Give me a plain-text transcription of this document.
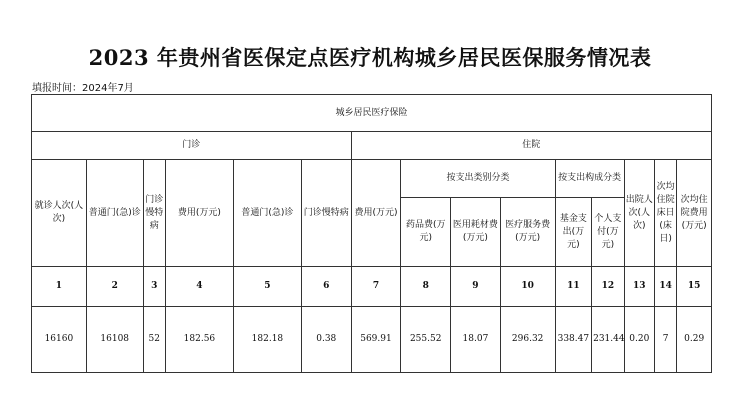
2023 年贵州省医保定点医疗机构城乡居民医保服务情况表
填报时间：2024年7月
城乡居民医疗保险														
门诊						住院								
就诊人次(人次)	普通门(急)诊	门诊慢特病	费用(万元)	普通门(急)诊	门诊慢特病	费用(万元)	按支出类别分类			按支出构成分类		出院人次(人次)	次均住院床日(床日)	次均住院费用(万元)
							药品费(万元)	医用耗材费(万元)	医疗服务费(万元)	基金支出(万元)	个人支付(万元)			
1	2	3	4	5	6	7	8	9	10	11	12	13	14	15
16160	16108	52	182.56	182.18	0.38	569.91	255.52	18.07	296.32	338.47	231.44	0.20	7	0.29
